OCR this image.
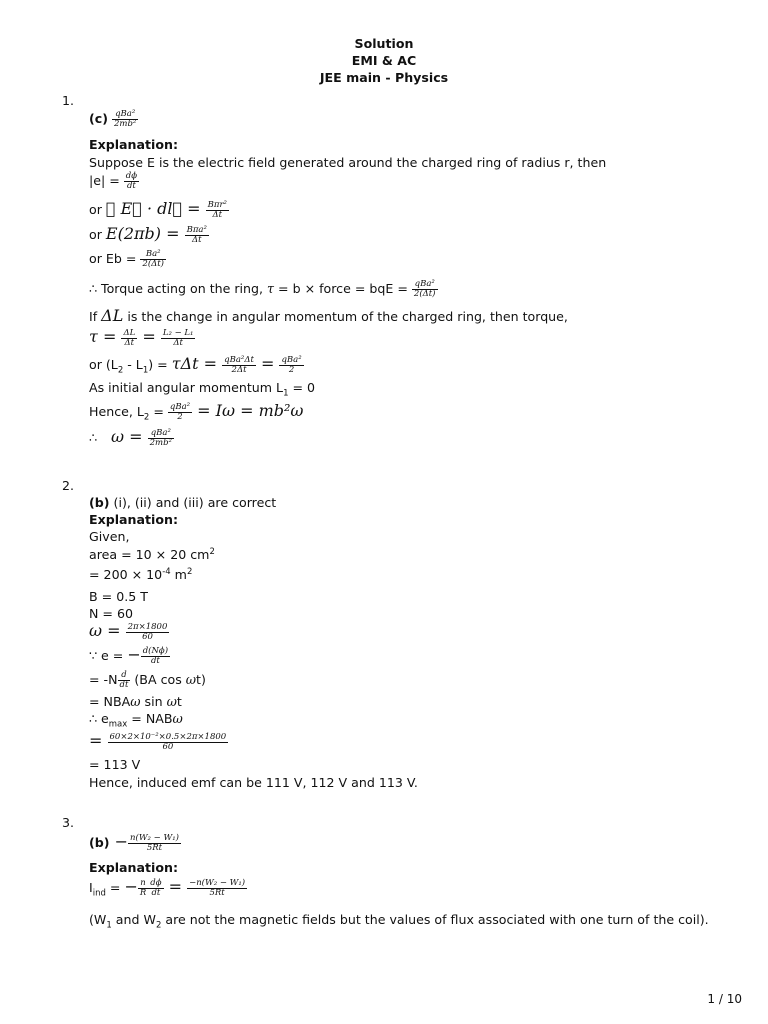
Solution
EMI & AC
JEE main - Physics
1.
$(c) \frac{\text{qBa²}}{\text{2mb²}}$
Explanation:
Suppose E is the electric field generated around the charged ring of radius r, then
$|e| = \frac{d\phi}{dt}$
or ∮ E⃗ · dl⃗ = $\frac{\text{Bπr²}}{\Delta t}$
or $E(2\pi b) = \frac{\text{Bπa²}}{\Delta t}$
or $Eb = \frac{\text{Ba²}}{2(\Delta t)}$
∴ Torque acting on the ring, τ = b × force = bqE = $\frac{\text{qBa²}}{2(\Delta t)}$
If ΔL is the change in angular momentum of the charged ring, then torque,
$\tau = \frac{\Delta L}{\Delta t} = \frac{\text{L₂ − L₁}}{\Delta t}$
or $(L_2 - L_1) = \tau\Delta t = \frac{\text{qBa²Δt}}{2\Delta t} = \frac{\text{qBa²}}{2}$
As initial angular momentum $L_1 = 0$
Hence, $L_2 = \frac{\text{qBa²}}{2} = I\omega = mb^2\omega$
∴ $\omega = \frac{\text{qBa²}}{\text{2mb²}}$
2.
(b) (i), (ii) and (iii) are correct
Explanation:
Given,
area = 10 × 20 $cm^2$
= $200 \times 10^{-4}$ $m^2$
B = 0.5 T
N = 60
$\omega = \frac{2\pi\times 1800}{60}$
∵ e = − $\frac{d(N\phi)}{dt}$
= $-N \frac{d}{dt} (BA$ cos ωt)
= NBAω sin ωt
∴ $e_{max} = NAB\omega$
= $\frac{\text{60×2×10⁻²×0.5×2π×1800}}{60}$
= 113 V
Hence, induced emf can be 111 V, 112 V and 113 V.
3.
$(b) - \frac{\text{n(W₂ − W₁)}}{5Rt}$
Explanation:
$I_{ind}$ = − $\frac{n}{R} \frac{d\phi}{dt} = \frac{\text{−n(W₂ − W₁)}}{5Rt}$
($W_1$ and $W_2$ are not the magnetic fields but the values of flux associated with one turn of the coil).
1 / 10
